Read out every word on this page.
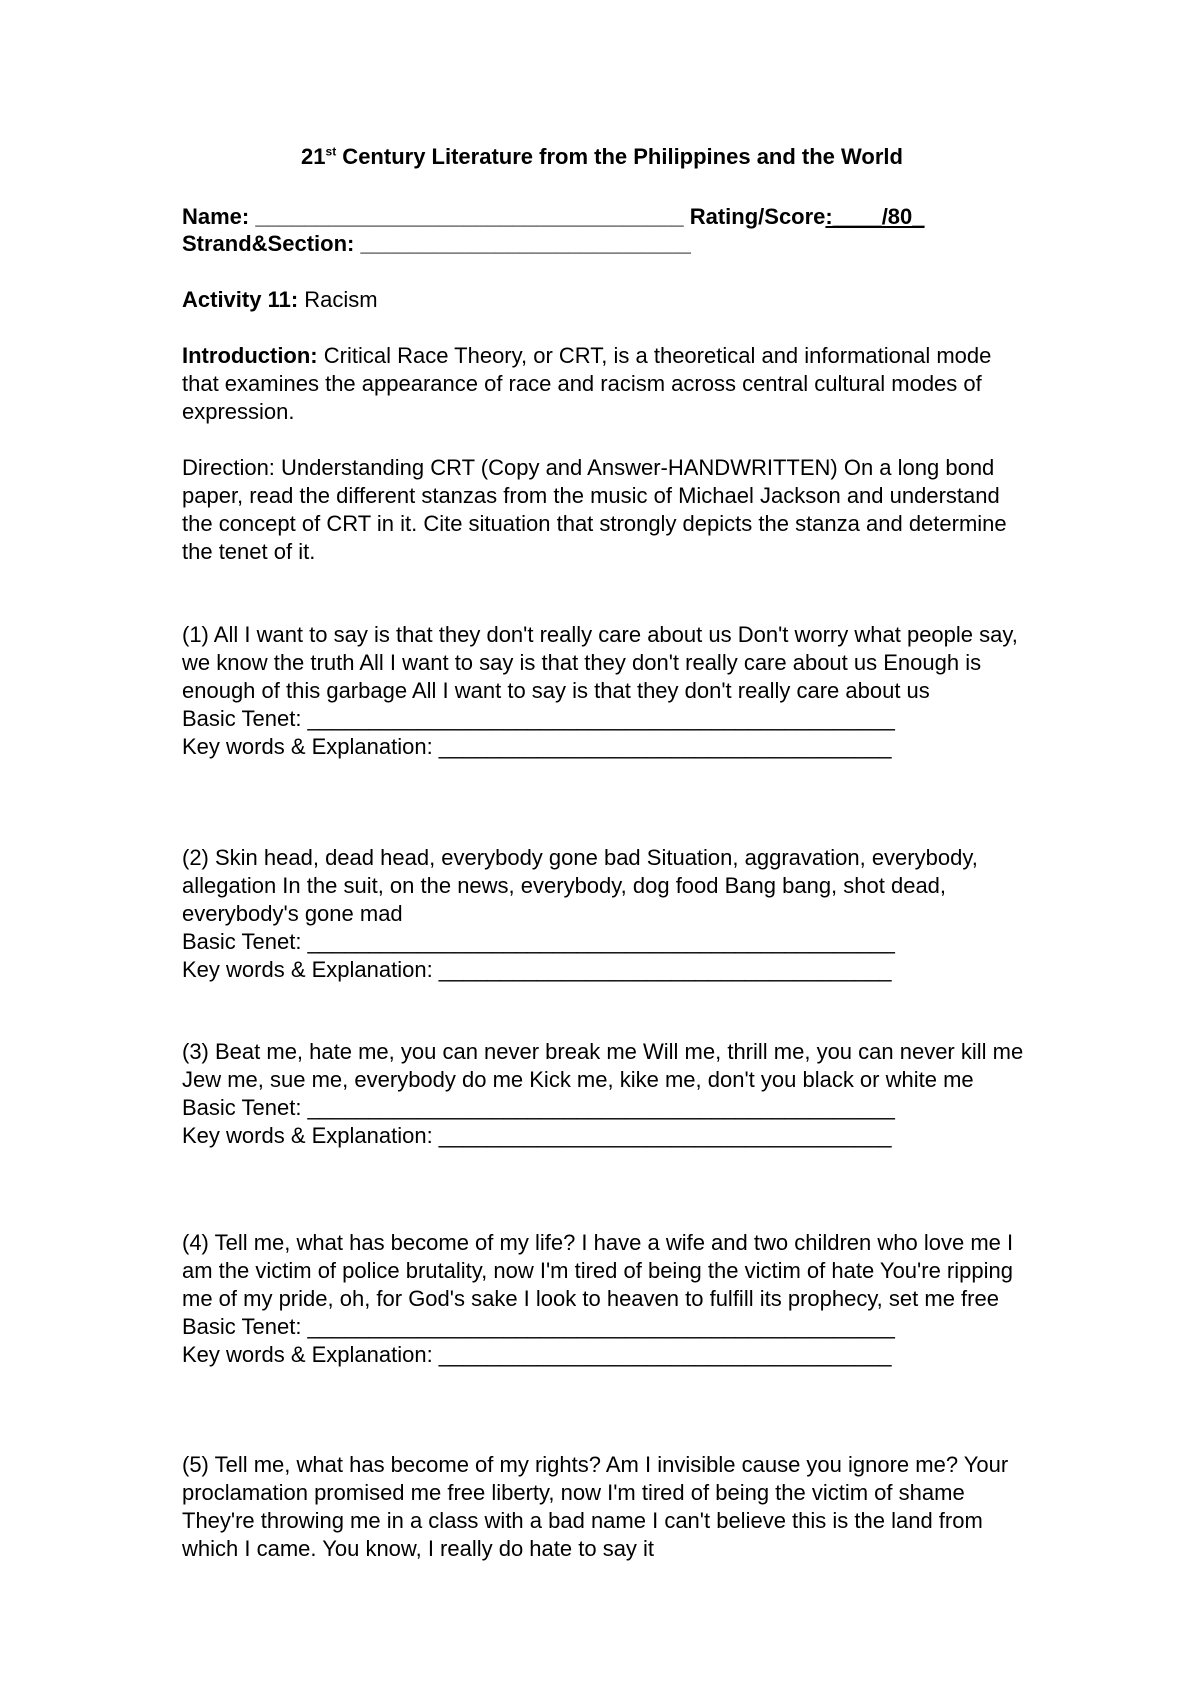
21st Century Literature from the Philippines and the World
Name: ___________________________________ Rating/Score:____/80_
Strand&Section: ___________________________
Activity 11: Racism
Introduction: Critical Race Theory, or CRT, is a theoretical and informational mode that examines the appearance of race and racism across central cultural modes of expression.
Direction: Understanding CRT (Copy and Answer-HANDWRITTEN) On a long bond paper, read the different stanzas from the music of Michael Jackson and understand the concept of CRT in it. Cite situation that strongly depicts the stanza and determine the tenet of it.
(1) All I want to say is that they don't really care about us Don't worry what people say, we know the truth All I want to say is that they don't really care about us Enough is enough of this garbage All I want to say is that they don't really care about us
Basic Tenet: ________________________________________________
Key words & Explanation: _____________________________________
(2) Skin head, dead head, everybody gone bad Situation, aggravation, everybody, allegation In the suit, on the news, everybody, dog food Bang bang, shot dead, everybody's gone mad
Basic Tenet: ________________________________________________
Key words & Explanation: _____________________________________
(3) Beat me, hate me, you can never break me Will me, thrill me, you can never kill me Jew me, sue me, everybody do me Kick me, kike me, don't you black or white me
Basic Tenet: ________________________________________________
Key words & Explanation: _____________________________________
(4) Tell me, what has become of my life? I have a wife and two children who love me I am the victim of police brutality, now I'm tired of being the victim of hate You're ripping me of my pride, oh, for God's sake I look to heaven to fulfill its prophecy, set me free
Basic Tenet: ________________________________________________
Key words & Explanation: _____________________________________
(5) Tell me, what has become of my rights? Am I invisible cause you ignore me? Your proclamation promised me free liberty, now I'm tired of being the victim of shame They're throwing me in a class with a bad name I can't believe this is the land from which I came. You know, I really do hate to say it
